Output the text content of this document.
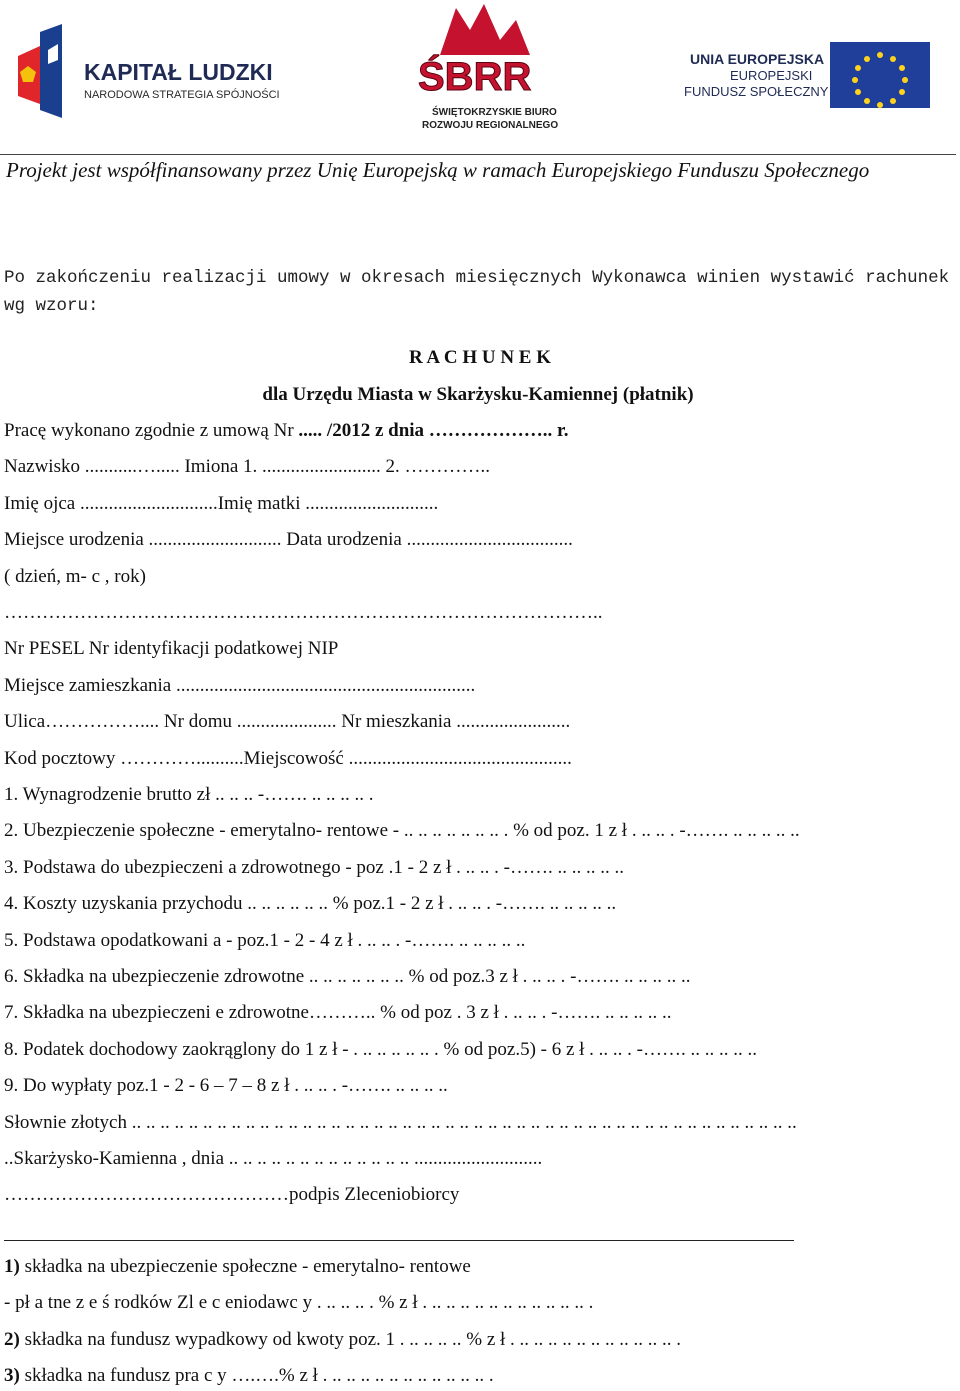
KAPITAŁ LUDZKI
NARODOWA STRATEGIA SPÓJNOŚCI	ŚBRR
ŚWIĘTOKRZYSKIE BIURO
ROZWOJU REGIONALNEGO
UNIA EUROPEJSKA
EUROPEJSKI
FUNDUSZ SPOŁECZNY
Projekt jest współfinansowany przez Unię Europejską w ramach Europejskiego Funduszu Społecznego
Po zakończeniu realizacji umowy w okresach miesięcznych Wykonawca winien wystawić rachunek
wg wzoru:
R A C H U N E K
dla Urzędu Miasta w Skarżysku-Kamiennej (płatnik)
Pracę wykonano zgodnie z umową Nr ..... /2012 z dnia ……………….. r.
Nazwisko ...........…..... Imiona 1. ......................... 2. …………..
Imię ojca .............................Imię matki ............................
Miejsce urodzenia ............................ Data urodzenia ...................................
( dzień, m- c , rok)
…………………………………………………………………………………..
Nr PESEL Nr identyfikacji podatkowej NIP
Miejsce zamieszkania ...............................................................
Ulica…………….... Nr domu ..................... Nr mieszkania ........................
Kod pocztowy …………..........Miejscowość ...............................................
1. Wynagrodzenie brutto zł .. .. .. -……. .. .. .. .. .
2. Ubezpieczenie społeczne - emerytalno- rentowe - .. .. .. .. .. .. .. . % od poz. 1 z ł . .. .. . -……. .. .. .. .. ..
3. Podstawa do ubezpieczeni a zdrowotnego - poz .1 - 2 z ł . .. .. . -……. .. .. .. .. ..
4. Koszty uzyskania przychodu .. .. .. .. .. .. % poz.1 - 2 z ł . .. .. . -……. .. .. .. .. ..
5. Podstawa opodatkowani a - poz.1 - 2 - 4 z ł . .. .. . -……. .. .. .. .. ..
6. Składka na ubezpieczenie zdrowotne .. .. .. .. .. .. .. % od poz.3 z ł . .. .. . -……. .. .. .. .. ..
7. Składka na ubezpieczeni e zdrowotne……….. % od poz . 3 z ł . .. .. . -……. .. .. .. .. ..
8. Podatek dochodowy zaokrąglony do 1 z ł - . .. .. .. .. .. . % od poz.5) - 6 z ł . .. .. . -……. .. .. .. .. ..
9. Do wypłaty poz.1 - 2 - 6 – 7 – 8 z ł . .. .. . -……. .. .. .. ..
Słownie złotych .. .. .. .. .. .. .. .. .. .. .. .. .. .. .. .. .. .. .. .. .. .. .. .. .. .. .. .. .. .. .. .. .. .. .. .. .. .. .. .. .. .. .. .. .. .. ..
..Skarżysko-Kamienna , dnia .. .. .. .. .. .. .. .. .. .. .. .. .. ...........................
………………………………………podpis Zleceniobiorcy
1) składka na ubezpieczenie społeczne - emerytalno- rentowe
- pł a tne z e ś rodków Zl e c eniodawc y . .. .. .. . % z ł . .. .. .. .. .. .. .. .. .. .. .. .
2) składka na fundusz wypadkowy od kwoty poz. 1 . .. .. .. .. % z ł . .. .. .. .. .. .. .. .. .. .. .. .
3) składka na fundusz pra c y ….….% z ł . .. .. .. .. .. .. .. .. .. .. .. .
